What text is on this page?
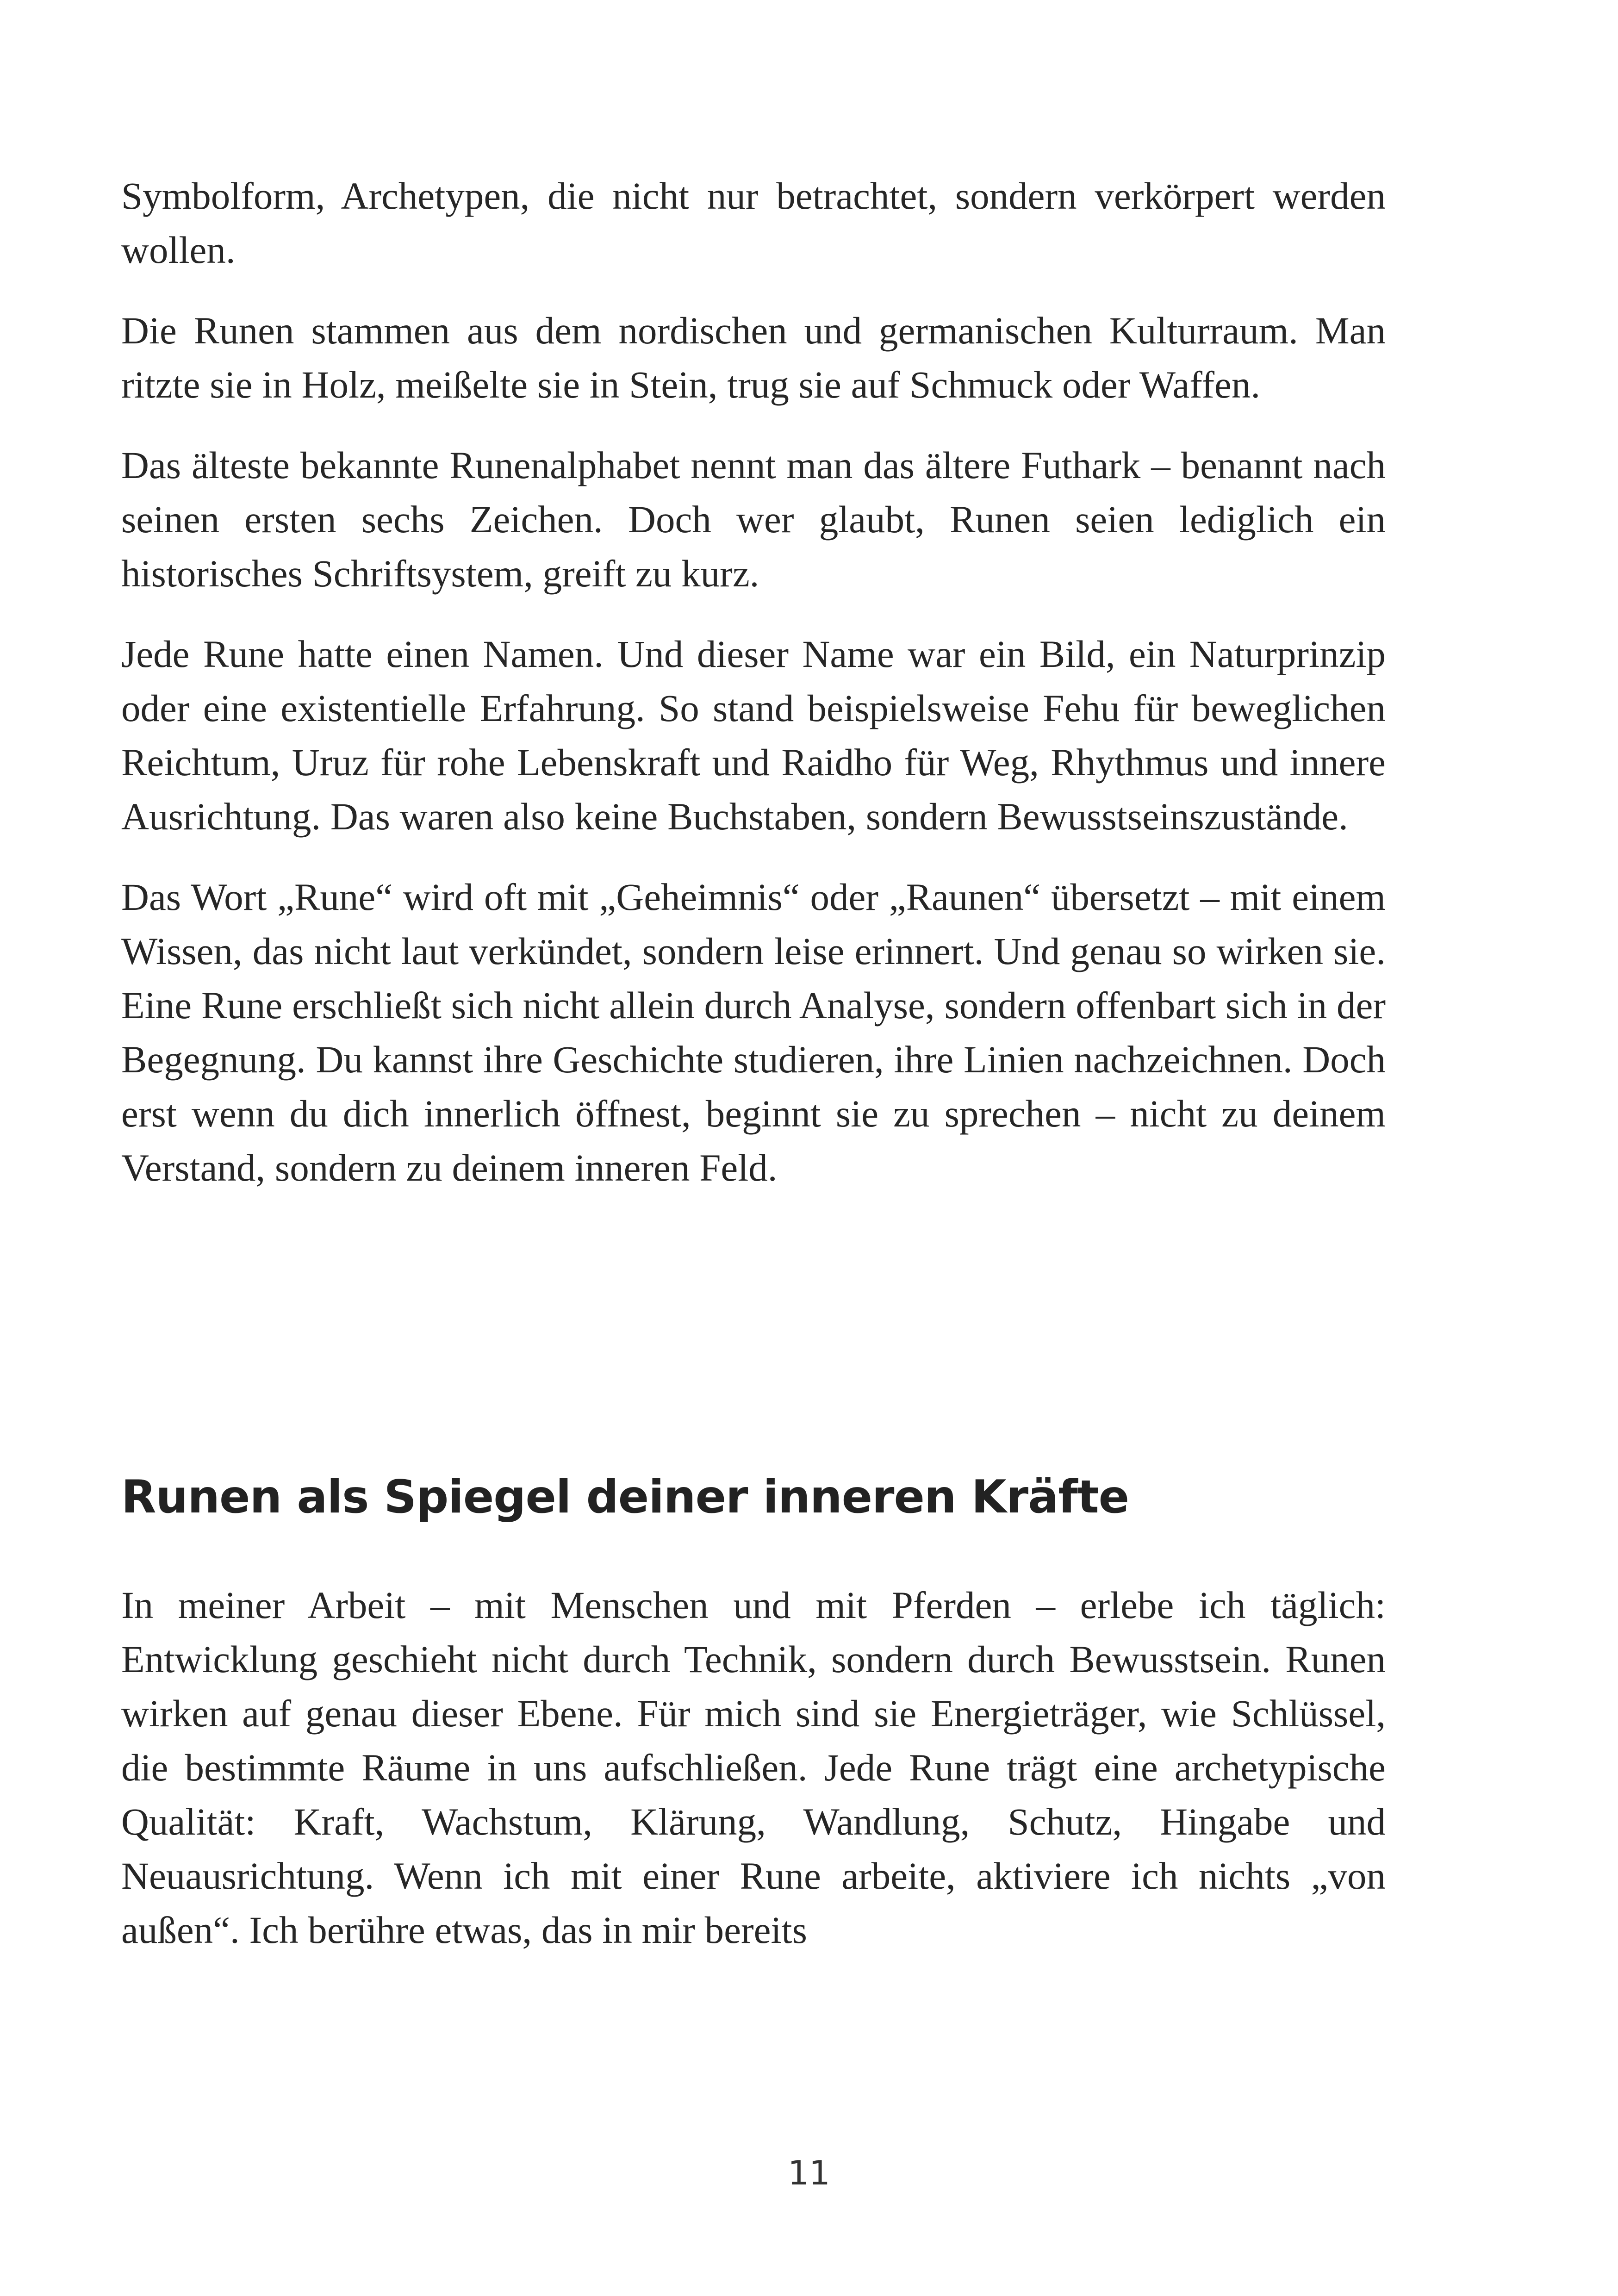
Symbolform, Archetypen, die nicht nur betrachtet, sondern verkörpert werden wollen.

Die Runen stammen aus dem nordischen und germanischen Kulturraum. Man ritzte sie in Holz, meißelte sie in Stein, trug sie auf Schmuck oder Waffen.

Das älteste bekannte Runenalphabet nennt man das ältere Futhark – benannt nach seinen ersten sechs Zeichen. Doch wer glaubt, Runen seien lediglich ein historisches Schriftsystem, greift zu kurz.

Jede Rune hatte einen Namen. Und dieser Name war ein Bild, ein Naturprinzip oder eine existentielle Erfahrung. So stand beispielsweise Fehu für beweglichen Reichtum, Uruz für rohe Lebenskraft und Raidho für Weg, Rhythmus und innere Ausrichtung. Das waren also keine Buchstaben, sondern Bewusstseinszustände.

Das Wort „Rune“ wird oft mit „Geheimnis“ oder „Raunen“ übersetzt – mit einem Wissen, das nicht laut verkündet, sondern leise erinnert. Und genau so wirken sie. Eine Rune erschließt sich nicht allein durch Analyse, sondern offenbart sich in der Begegnung. Du kannst ihre Geschichte studieren, ihre Linien nachzeichnen. Doch erst wenn du dich innerlich öffnest, beginnt sie zu sprechen – nicht zu deinem Verstand, sondern zu deinem inneren Feld.

Runen als Spiegel deiner inneren Kräfte

In meiner Arbeit – mit Menschen und mit Pferden – erlebe ich täglich: Entwicklung geschieht nicht durch Technik, sondern durch Bewusstsein. Runen wirken auf genau dieser Ebene. Für mich sind sie Energieträger, wie Schlüssel, die bestimmte Räume in uns aufschließen. Jede Rune trägt eine archetypische Qualität: Kraft, Wachstum, Klärung, Wandlung, Schutz, Hingabe und Neuausrichtung. Wenn ich mit einer Rune arbeite, aktiviere ich nichts „von außen“. Ich berühre etwas, das in mir bereits

11
